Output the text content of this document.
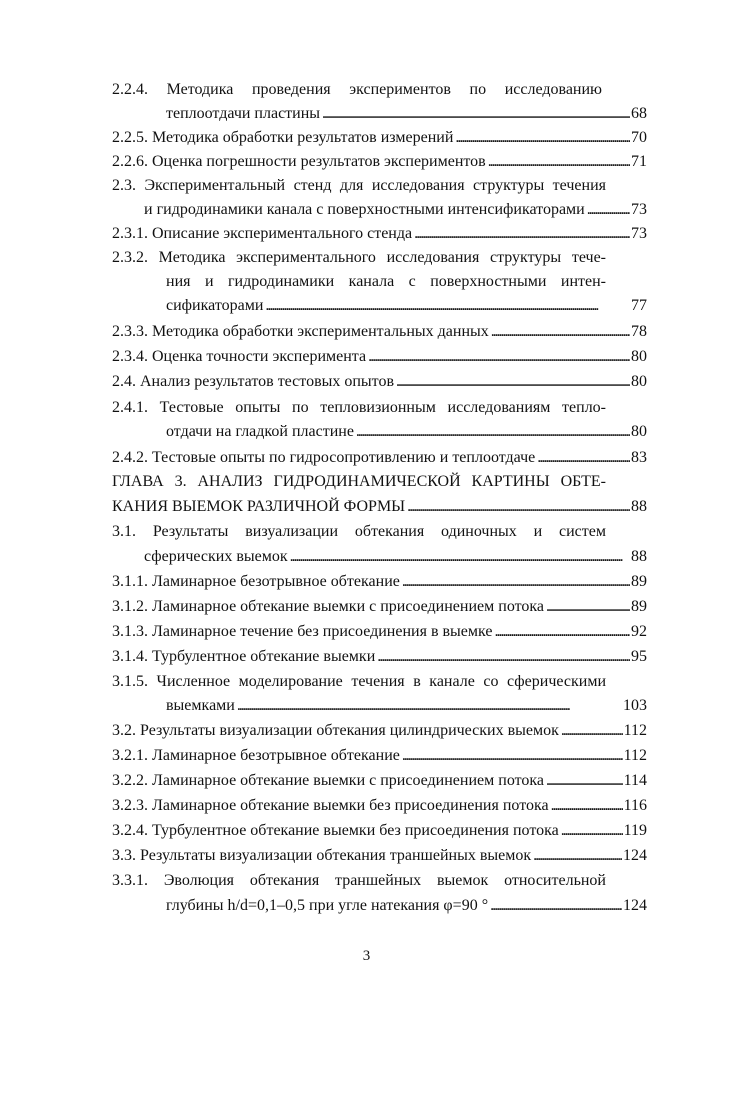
2.2.4. Методика проведения экспериментов по исследованию
теплоотдачи пластины . . .	68
2.2.5. Методика обработки результатов измерений . . .	70
2.2.6. Оценка погрешности результатов экспериментов . . .	71
2.3. Экспериментальный стенд для исследования структуры течения
и гидродинамики канала с поверхностными интенсификаторами . . .	73
2.3.1. Описание экспериментального стенда . . .	73
2.3.2. Методика экспериментального исследования структуры тече-
ния и гидродинамики канала с поверхностными интен-
сификаторами . . .	77
2.3.3. Методика обработки экспериментальных данных . . .	78
2.3.4. Оценка точности эксперимента . . .	80
2.4. Анализ результатов тестовых опытов . . .	80
2.4.1. Тестовые опыты по тепловизионным исследованиям тепло-
отдачи на гладкой пластине . . .	80
2.4.2. Тестовые опыты по гидросопротивлению и теплоотдаче . . .	83
ГЛАВА 3. АНАЛИЗ ГИДРОДИНАМИЧЕСКОЙ КАРТИНЫ ОБТЕ-
КАНИЯ ВЫЕМОК РАЗЛИЧНОЙ ФОРМЫ . . .	88
3.1. Результаты визуализации обтекания одиночных и систем
сферических выемок . . .	88
3.1.1. Ламинарное безотрывное обтекание . . .	89
3.1.2. Ламинарное обтекание выемки с присоединением потока . . .	89
3.1.3. Ламинарное течение без присоединения в выемке . . .	92
3.1.4. Турбулентное обтекание выемки . . .	95
3.1.5. Численное моделирование течения в канале со сферическими
выемками . . .	103
3.2. Результаты визуализации обтекания цилиндрических выемок . . .	112
3.2.1. Ламинарное безотрывное обтекание . . .	112
3.2.2. Ламинарное обтекание выемки с присоединением потока . . .	114
3.2.3. Ламинарное обтекание выемки без присоединения потока . . .	116
3.2.4. Турбулентное обтекание выемки без присоединения потока . . .	119
3.3. Результаты визуализации обтекания траншейных выемок . . .	124
3.3.1. Эволюция обтекания траншейных выемок относительной
глубины h/d=0,1–0,5 при угле натекания φ=90 ° . . .	124
3
